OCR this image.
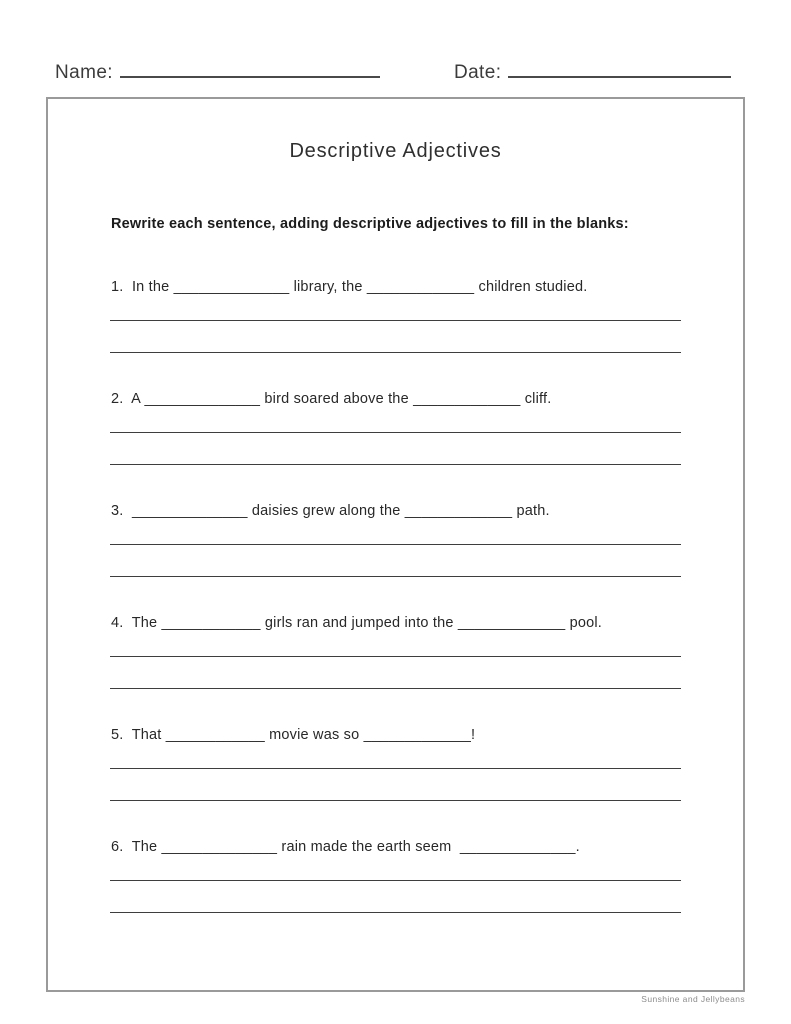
Name:	Date:
Descriptive Adjectives

Rewrite each sentence, adding descriptive adjectives to fill in the blanks:

1.  In the ______________ library, the _____________ children studied.

2.  A ______________ bird soared above the _____________ cliff.

3.  ______________ daisies grew along the _____________ path.

4.  The ____________ girls ran and jumped into the _____________ pool.

5.  That ____________ movie was so _____________!

6.  The ______________ rain made the earth seem  ______________.

Sunshine and Jellybeans
